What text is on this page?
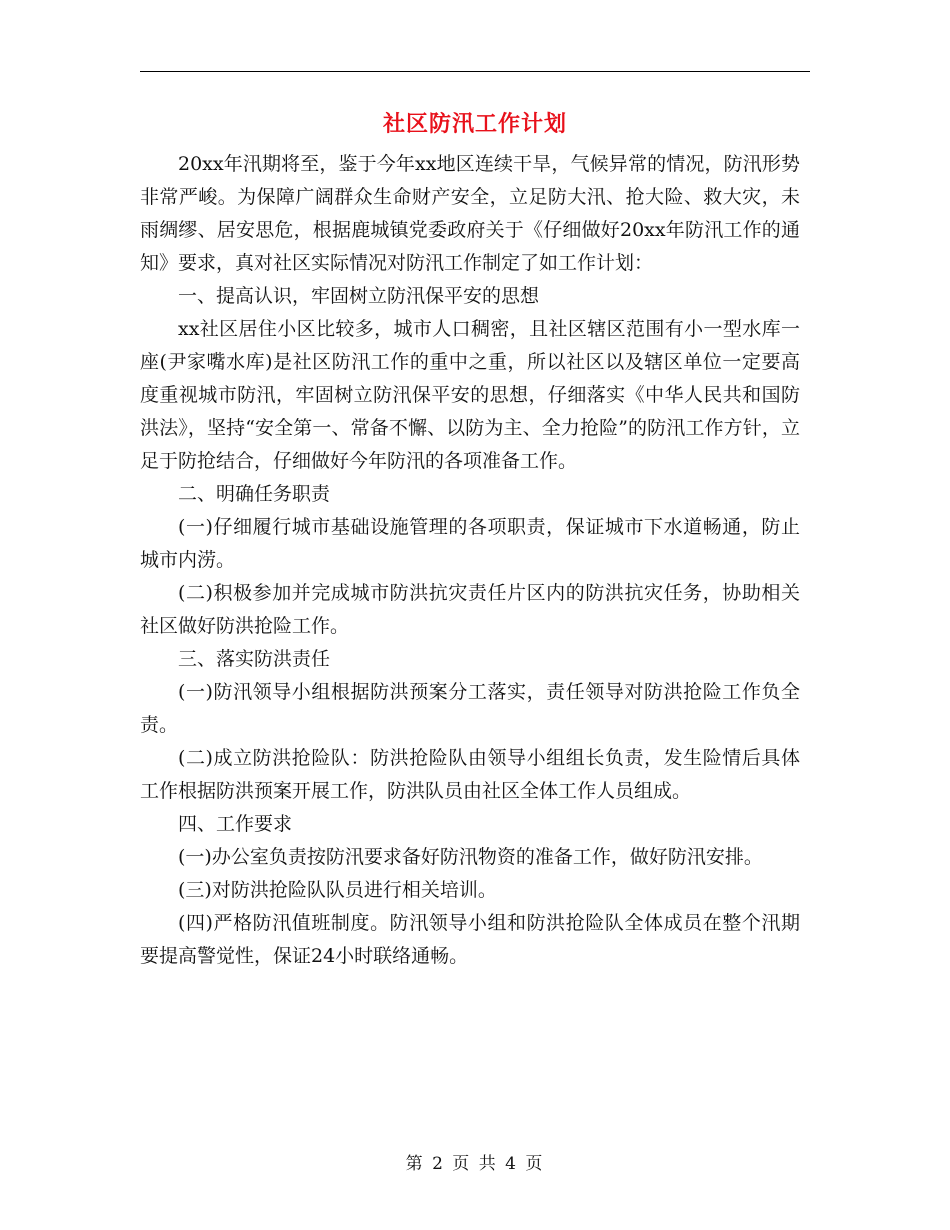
社区防汛工作计划

20xx年汛期将至，鉴于今年xx地区连续干旱，气候异常的情况，防汛形势非常严峻。为保障广阔群众生命财产安全，立足防大汛、抢大险、救大灾，未雨绸缪、居安思危，根据鹿城镇党委政府关于《仔细做好20xx年防汛工作的通知》要求，真对社区实际情况对防汛工作制定了如工作计划：

一、提高认识，牢固树立防汛保平安的思想

xx社区居住小区比较多，城市人口稠密，且社区辖区范围有小一型水库一座(尹家嘴水库)是社区防汛工作的重中之重，所以社区以及辖区单位一定要高度重视城市防汛，牢固树立防汛保平安的思想，仔细落实《中华人民共和国防洪法》，坚持“安全第一、常备不懈、以防为主、全力抢险”的防汛工作方针，立足于防抢结合，仔细做好今年防汛的各项准备工作。

二、明确任务职责

(一)仔细履行城市基础设施管理的各项职责，保证城市下水道畅通，防止城市内涝。

(二)积极参加并完成城市防洪抗灾责任片区内的防洪抗灾任务，协助相关社区做好防洪抢险工作。

三、落实防洪责任

(一)防汛领导小组根据防洪预案分工落实，责任领导对防洪抢险工作负全责。

(二)成立防洪抢险队：防洪抢险队由领导小组组长负责，发生险情后具体工作根据防洪预案开展工作，防洪队员由社区全体工作人员组成。

四、工作要求

(一)办公室负责按防汛要求备好防汛物资的准备工作，做好防汛安排。

(三)对防洪抢险队队员进行相关培训。

(四)严格防汛值班制度。防汛领导小组和防洪抢险队全体成员在整个汛期要提高警觉性，保证24小时联络通畅。

第 2 页 共 4 页
